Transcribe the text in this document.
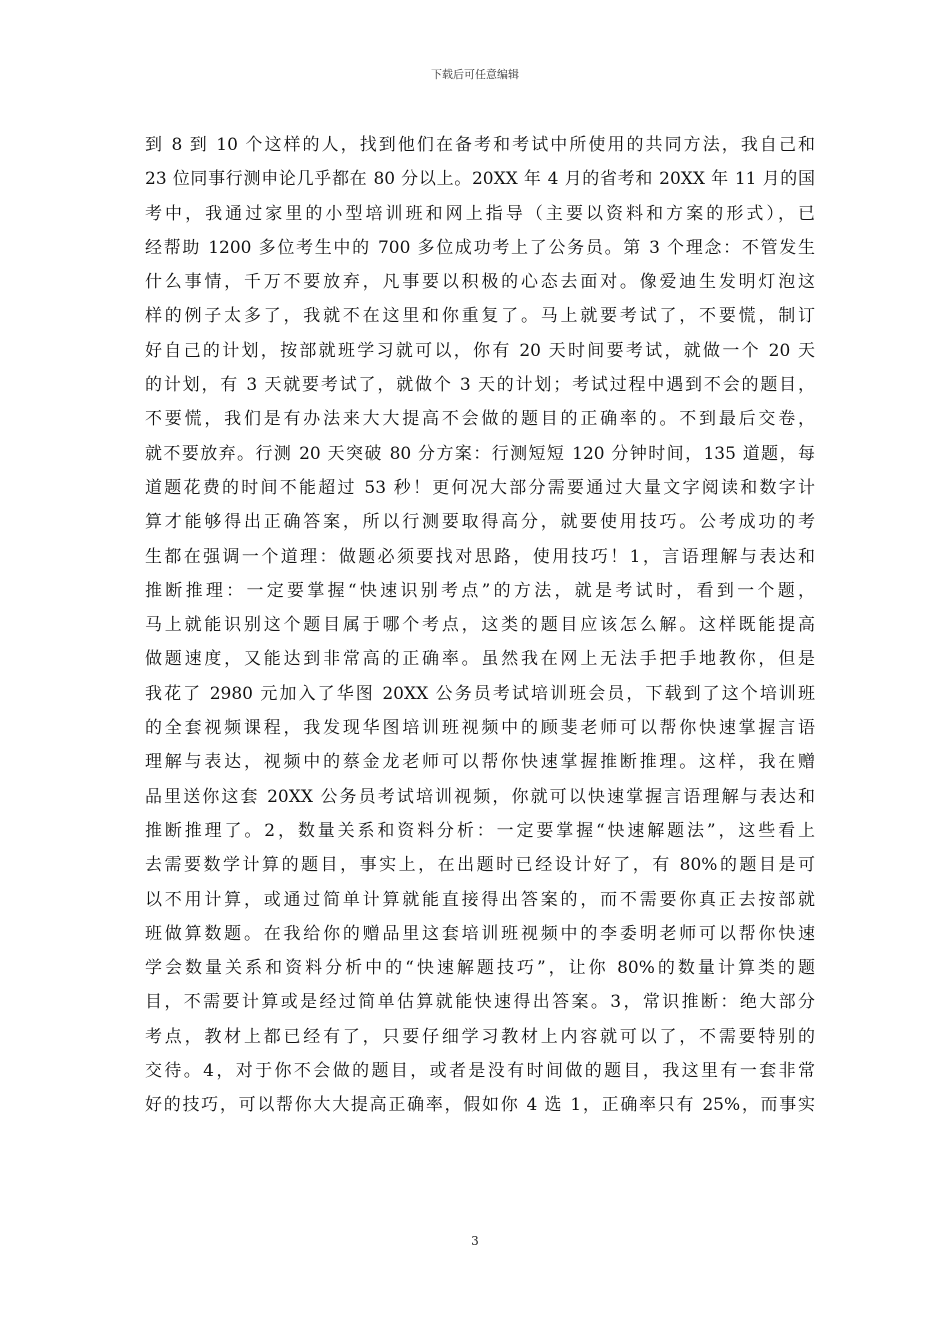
下载后可任意编辑
到 8 到 10 个这样的人，找到他们在备考和考试中所使用的共同方法，我自己和
23 位同事行测申论几乎都在 80 分以上。20XX 年 4 月的省考和 20XX 年 11 月的国
考中，我通过家里的小型培训班和网上指导（主要以资料和方案的形式），已
经帮助 1200 多位考生中的 700 多位成功考上了公务员。第 3 个理念：不管发生
什么事情，千万不要放弃，凡事要以积极的心态去面对。像爱迪生发明灯泡这
样的例子太多了，我就不在这里和你重复了。马上就要考试了，不要慌，制订
好自己的计划，按部就班学习就可以，你有 20 天时间要考试，就做一个 20 天
的计划，有 3 天就要考试了，就做个 3 天的计划；考试过程中遇到不会的题目，
不要慌，我们是有办法来大大提高不会做的题目的正确率的。不到最后交卷，
就不要放弃。行测 20 天突破 80 分方案：行测短短 120 分钟时间，135 道题，每
道题花费的时间不能超过 53 秒！更何况大部分需要通过大量文字阅读和数字计
算才能够得出正确答案，所以行测要取得高分，就要使用技巧。公考成功的考
生都在强调一个道理：做题必须要找对思路，使用技巧！1，言语理解与表达和
推断推理：一定要掌握“快速识别考点”的方法，就是考试时，看到一个题，
马上就能识别这个题目属于哪个考点，这类的题目应该怎么解。这样既能提高
做题速度，又能达到非常高的正确率。虽然我在网上无法手把手地教你，但是
我花了 2980 元加入了华图 20XX 公务员考试培训班会员，下载到了这个培训班
的全套视频课程，我发现华图培训班视频中的顾斐老师可以帮你快速掌握言语
理解与表达，视频中的蔡金龙老师可以帮你快速掌握推断推理。这样，我在赠
品里送你这套 20XX 公务员考试培训视频，你就可以快速掌握言语理解与表达和
推断推理了。2，数量关系和资料分析：一定要掌握“快速解题法”，这些看上
去需要数学计算的题目，事实上，在出题时已经设计好了，有 80%的题目是可
以不用计算，或通过简单计算就能直接得出答案的，而不需要你真正去按部就
班做算数题。在我给你的赠品里这套培训班视频中的李委明老师可以帮你快速
学会数量关系和资料分析中的“快速解题技巧”，让你 80%的数量计算类的题
目，不需要计算或是经过简单估算就能快速得出答案。3，常识推断：绝大部分
考点，教材上都已经有了，只要仔细学习教材上内容就可以了，不需要特别的
交待。4，对于你不会做的题目，或者是没有时间做的题目，我这里有一套非常
好的技巧，可以帮你大大提高正确率，假如你 4 选 1，正确率只有 25%，而事实
3
